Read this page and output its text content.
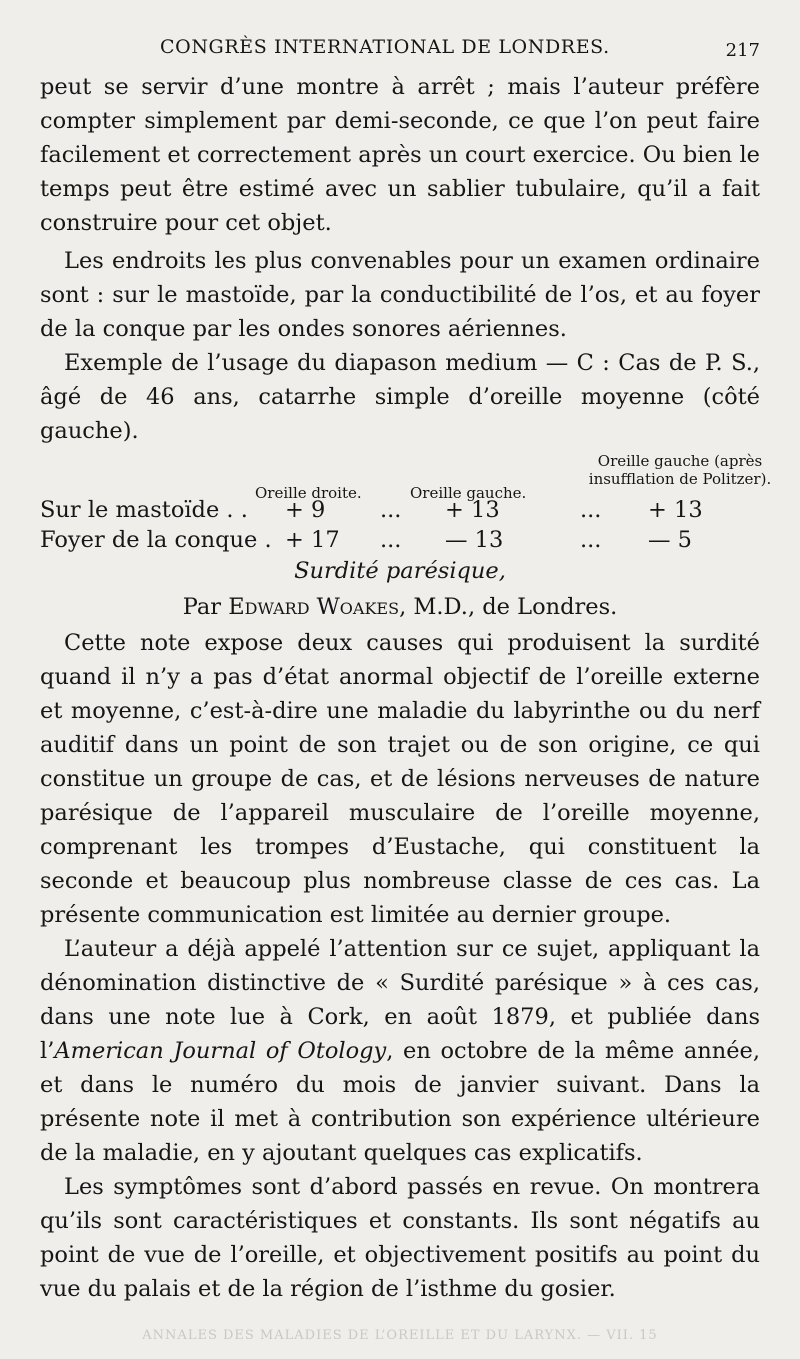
CONGRÈS INTERNATIONAL DE LONDRES.	217

peut se servir d’une montre à arrêt ; mais l’auteur préfère compter simplement par demi-seconde, ce que l’on peut faire facilement et correctement après un court exercice. Ou bien le temps peut être estimé avec un sablier tubulaire, qu’il a fait construire pour cet objet.

Les endroits les plus convenables pour un examen ordinaire sont : sur le mastoïde, par la conductibilité de l’os, et au foyer de la conque par les ondes sonores aériennes.

Exemple de l’usage du diapason medium — C : Cas de P. S., âgé de 46 ans, catarrhe simple d’oreille moyenne (côté gauche).

Oreille gauche (après insufflation de Politzer).
Oreille droite.	Oreille gauche.
Sur le mastoïde . . + 9 ... + 13	... + 13
Foyer de la conque . + 17 ... — 13	... — 5

Surdité parésique,

Par Edward Woakes, M.D., de Londres.

Cette note expose deux causes qui produisent la surdité quand il n’y a pas d’état anormal objectif de l’oreille externe et moyenne, c’est-à-dire une maladie du labyrinthe ou du nerf auditif dans un point de son trajet ou de son origine, ce qui constitue un groupe de cas, et de lésions nerveuses de nature parésique de l’appareil musculaire de l’oreille moyenne, comprenant les trompes d’Eustache, qui constituent la seconde et beaucoup plus nombreuse classe de ces cas. La présente communication est limitée au dernier groupe.

L’auteur a déjà appelé l’attention sur ce sujet, appliquant la dénomination distinctive de « Surdité parésique » à ces cas, dans une note lue à Cork, en août 1879, et publiée dans l’American Journal of Otology, en octobre de la même année, et dans le numéro du mois de janvier suivant. Dans la présente note il met à contribution son expérience ultérieure de la maladie, en y ajoutant quelques cas explicatifs.

Les symptômes sont d’abord passés en revue. On montrera qu’ils sont caractéristiques et constants. Ils sont négatifs au point de vue de l’oreille, et objectivement positifs au point du vue du palais et de la région de l’isthme du gosier.

ANNALES DES MALADIES DE L’OREILLE ET DU LARYNX. — VII. 15
